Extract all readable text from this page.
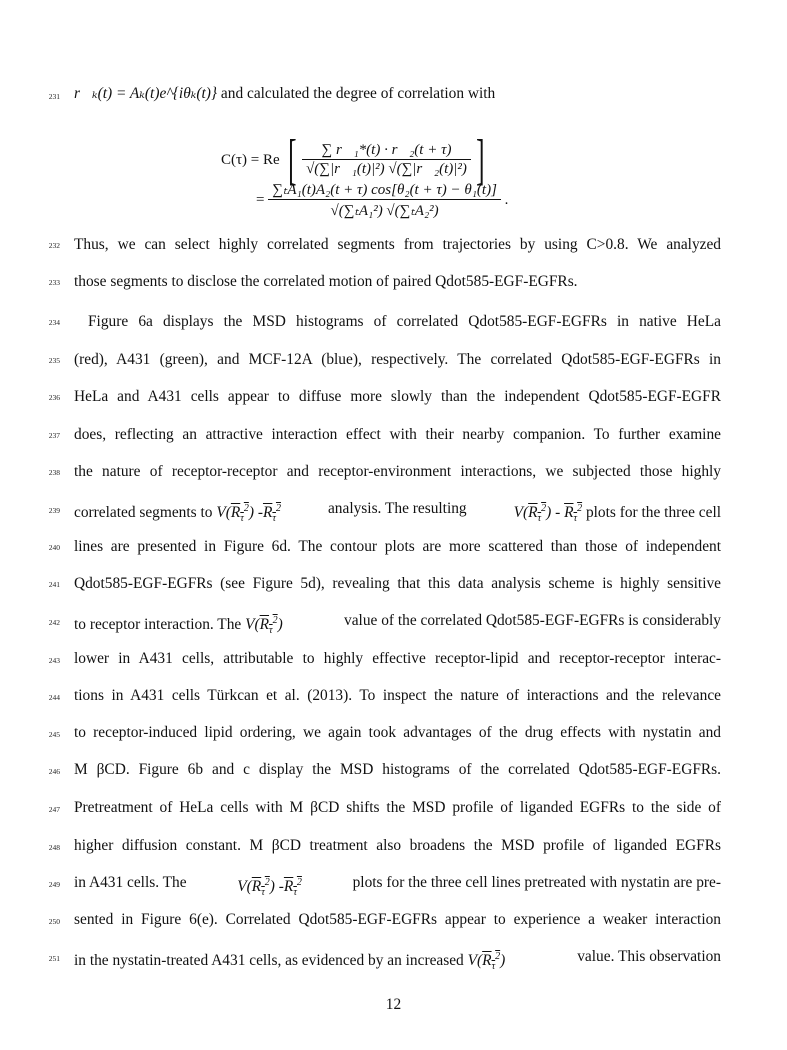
231
232
233
234
235
236
237
238
239
240
241
242
243
244
245
246
247
248
249
250
251
r⃗ₖ(t) = Aₖ(t)e^{iθₖ(t)} and calculated the degree of correlation with
C(τ) = Re [ $\frac{\text{∑ r⃗₁*(t) · r⃗₂(t + τ)}}{\text{√(∑|r⃗₁(t)|²) √(∑|r⃗₂(t)|²)}}$ ]
= $\frac{\text{∑ₜA₁(t)A₂(t + τ) cos[θ₂(t + τ) − θ₁(t)]}}{\text{√(∑ₜA₁²) √(∑ₜA₂²)}}$ .
Thus, we can select highly correlated segments from trajectories by using C>0.8. We analyzed
those segments to disclose the correlated motion of paired Qdot585-EGF-EGFRs.
Figure 6a displays the MSD histograms of correlated Qdot585-EGF-EGFRs in native HeLa
(red), A431 (green), and MCF-12A (blue), respectively. The correlated Qdot585-EGF-EGFRs in
HeLa and A431 cells appear to diffuse more slowly than the independent Qdot585-EGF-EGFR
does, reflecting an attractive interaction effect with their nearby companion. To further examine
the nature of receptor-receptor and receptor-environment interactions, we subjected those highly
correlated segments to $V(R_\tau^2)$ $-R_\tau^2$	analysis. The resulting	$V(R_\tau^2) - R_\tau^2$ plots for the three cell
lines are presented in Figure 6d. The contour plots are more scattered than those of independent
Qdot585-EGF-EGFRs (see Figure 5d), revealing that this data analysis scheme is highly sensitive
to receptor interaction. The $V(R_\tau^2)$	value of the correlated Qdot585-EGF-EGFRs is considerably
lower in A431 cells, attributable to highly effective receptor-lipid and receptor-receptor interac-
tions in A431 cells Türkcan et al. (2013). To inspect the nature of interactions and the relevance
to receptor-induced lipid ordering, we again took advantages of the drug effects with nystatin and
M βCD. Figure 6b and c display the MSD histograms of the correlated Qdot585-EGF-EGFRs.
Pretreatment of HeLa cells with M βCD shifts the MSD profile of liganded EGFRs to the side of
higher diffusion constant. M βCD treatment also broadens the MSD profile of liganded EGFRs
in A431 cells. The	$V(R_\tau^2)$ $-R_\tau^2$	plots for the three cell lines pretreated with nystatin are pre-
sented in Figure 6(e). Correlated Qdot585-EGF-EGFRs appear to experience a weaker interaction
in the nystatin-treated A431 cells, as evidenced by an increased $V(R_\tau^2)$	value. This observation
12
